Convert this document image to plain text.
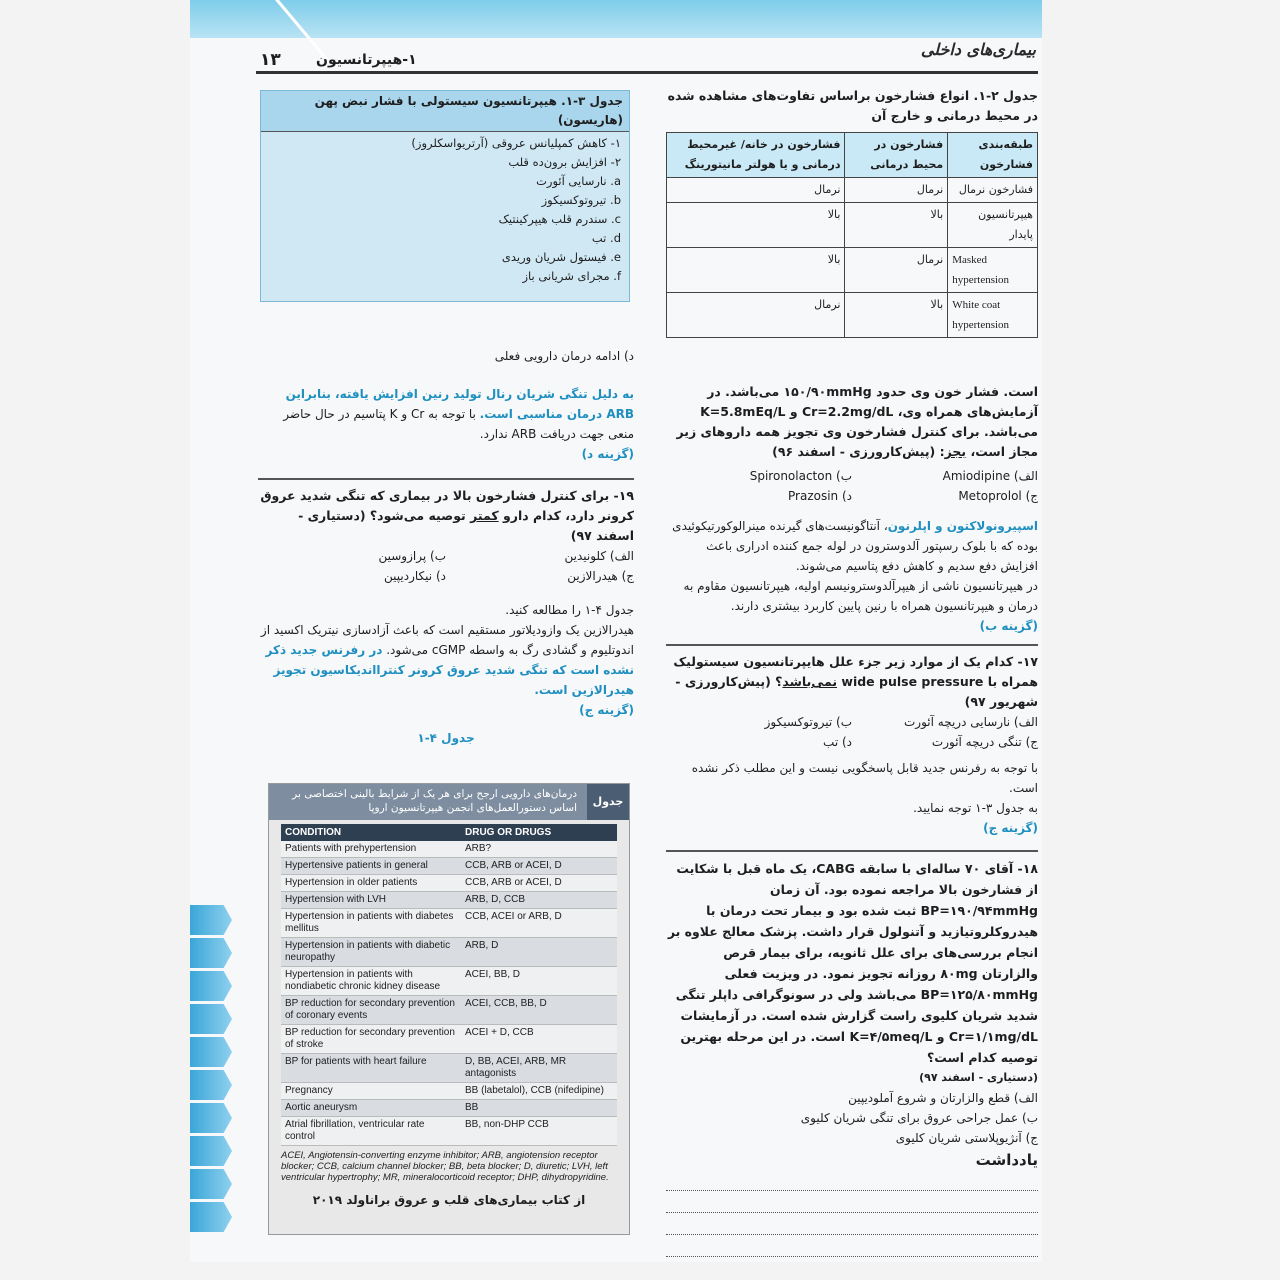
بیماری‌های داخلی
۱-هیپرتانسیون
۱۳
جدول ۲-۱. انواع فشارخون براساس تفاوت‌های مشاهده شده در محیط درمانی و خارج آن
طبقه‌بندی فشارخون	فشارخون در محیط درمانی	فشارخون در خانه/ غیرمحیط درمانی و یا هولتر مانیتورینگ
فشارخون نرمال	نرمال	نرمال
هیپرتانسیون پایدار	بالا	بالا
Masked hypertension	نرمال	بالا
White coat hypertension	بالا	نرمال
است. فشار خون وی حدود ۱۵۰/۹۰mmHg می‌باشد. در آزمایش‌های همراه وی، Cr=2.2mg/dL و K=5.8mEq/L می‌باشد. برای کنترل فشارخون وی تجویز همه داروهای زیر مجاز است، بجز: (پیش‌کارورزی - اسفند ۹۶)
الف) Amiodipine
ب) Spironolacton
ج) Metoprolol
د) Prazosin
اسپیرونولاکتون و اپلرنون، آنتاگونیست‌های گیرنده مینرالوکورتیکوئیدی بوده که با بلوک رسپتور آلدوسترون در لوله جمع کننده ادراری باعث افزایش دفع سدیم و کاهش دفع پتاسیم می‌شوند.
در هیپرتانسیون ناشی از هیپرآلدوسترونیسم اولیه، هیپرتانسیون مقاوم به درمان و هیپرتانسیون همراه با رنین پایین کاربرد بیشتری دارند.
(گزینه ب)
۱۷- کدام یک از موارد زیر جزء علل هایپرتانسیون سیستولیک همراه با wide pulse pressure نمی‌باشد؟ (پیش‌کارورزی - شهریور ۹۷)
الف) نارسایی دریچه آئورت
ب) تیروتوکسیکوز
ج) تنگی دریچه آئورت
د) تب
با توجه به رفرنس جدید قابل پاسخگویی نیست و این مطلب ذکر نشده است.
به جدول ۳-۱ توجه نمایید.
(گزینه ج)
۱۸- آقای ۷۰ ساله‌ای با سابقه CABG، یک ماه قبل با شکایت از فشارخون بالا مراجعه نموده بود. آن زمان BP=۱۹۰/۹۴mmHg ثبت شده بود و بیمار تحت درمان با هیدروکلروتیازید و آتنولول قرار داشت. پزشک معالج علاوه بر انجام بررسی‌های برای علل ثانویه، برای بیمار قرص والزارتان ۸۰mg روزانه تجویز نمود. در ویزیت فعلی BP=۱۲۵/۸۰mmHg می‌باشد ولی در سونوگرافی داپلر تنگی شدید شریان کلیوی راست گزارش شده است. در آزمایشات Cr=۱/۱mg/dL و K=۴/۵meq/L است. در این مرحله بهترین توصیه کدام است؟
(دستیاری - اسفند ۹۷)
الف) قطع والزارتان و شروع آملودیپین
ب) عمل جراحی عروق برای تنگی شریان کلیوی
ج) آنژیوپلاستی شریان کلیوی
یادداشت
جدول ۳-۱. هیپرتانسیون سیستولی با فشار نبض پهن (هاریسون)
۱- کاهش کمپلیانس عروقی (آرتریواسکلروز)
۲- افزایش برون‌ده قلب
a. نارسایی آئورت
b. تیروتوکسیکوز
c. سندرم قلب هیپرکینتیک
d. تب
e. فیستول شریان وریدی
f. مجرای شریانی باز
د) ادامه درمان دارویی فعلی
به دلیل تنگی شریان رنال تولید رنین افزایش یافته، بنابراین ARB درمان مناسبی است. با توجه به Cr و K پتاسیم در حال حاضر منعی جهت دریافت ARB ندارد.
(گزینه د)
۱۹- برای کنترل فشارخون بالا در بیماری که تنگی شدید عروق کرونر دارد، کدام دارو کمتر توصیه می‌شود؟ (دستیاری - اسفند ۹۷)
الف) کلونیدین
ب) پرازوسین
ج) هیدرالازین
د) نیکاردیپین
جدول ۴-۱ را مطالعه کنید.
هیدرالازین یک وازودیلاتور مستقیم است که باعث آزادسازی نیتریک اکسید از اندوتلیوم و گشادی رگ به واسطه cGMP می‌شود. در رفرنس جدید ذکر نشده است که تنگی شدید عروق کرونر کنترااندیکاسیون تجویز هیدرالازین است.
(گزینه ج)
جدول ۴-۱
جدول
درمان‌های دارویی ارجح برای هر یک از شرایط بالینی اختصاصی بر اساس دستورالعمل‌های انجمن هیپرتانسیون اروپا
CONDITION	DRUG OR DRUGS
Patients with prehypertension	ARB?
Hypertensive patients in general	CCB, ARB or ACEI, D
Hypertension in older patients	CCB, ARB or ACEI, D
Hypertension with LVH	ARB, D, CCB
Hypertension in patients with diabetes mellitus	CCB, ACEI or ARB, D
Hypertension in patients with diabetic neuropathy	ARB, D
Hypertension in patients with nondiabetic chronic kidney disease	ACEI, BB, D
BP reduction for secondary prevention of coronary events	ACEI, CCB, BB, D
BP reduction for secondary prevention of stroke	ACEI + D, CCB
BP for patients with heart failure	D, BB, ACEI, ARB, MR antagonists
Pregnancy	BB (labetalol), CCB (nifedipine)
Aortic aneurysm	BB
Atrial fibrillation, ventricular rate control	BB, non-DHP CCB
ACEI, Angiotensin-converting enzyme inhibitor; ARB, angiotension receptor blocker; CCB, calcium channel blocker; BB, beta blocker; D, diuretic; LVH, left ventricular hypertrophy; MR, mineralocorticoid receptor; DHP, dihydropyridine.
از کتاب بیماری‌های قلب و عروق براناولد ۲۰۱۹
